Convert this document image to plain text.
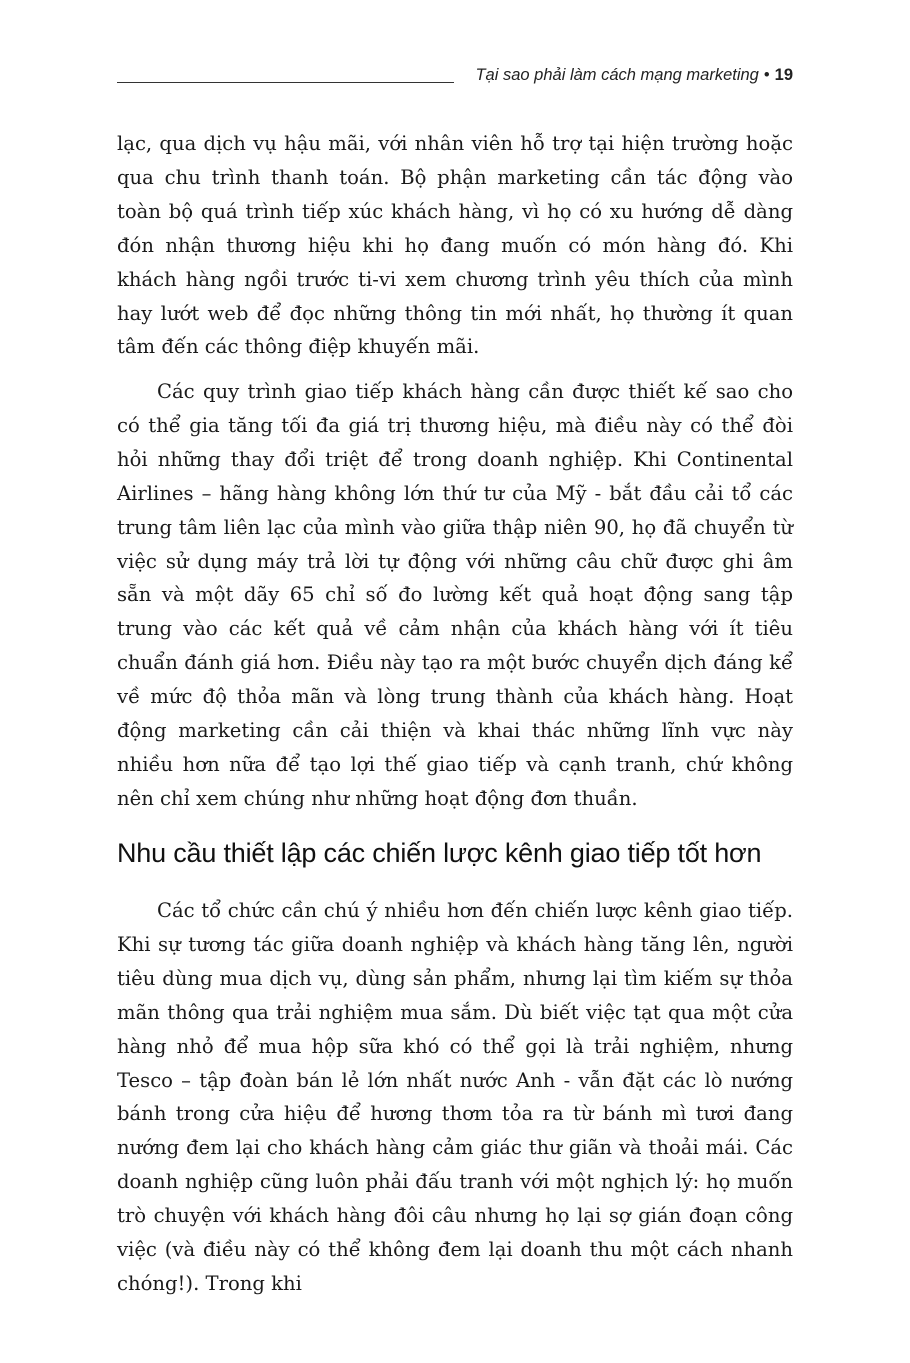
Tại sao phải làm cách mạng marketing • 19

lạc, qua dịch vụ hậu mãi, với nhân viên hỗ trợ tại hiện trường hoặc qua chu trình thanh toán. Bộ phận marketing cần tác động vào toàn bộ quá trình tiếp xúc khách hàng, vì họ có xu hướng dễ dàng đón nhận thương hiệu khi họ đang muốn có món hàng đó. Khi khách hàng ngồi trước ti-vi xem chương trình yêu thích của mình hay lướt web để đọc những thông tin mới nhất, họ thường ít quan tâm đến các thông điệp khuyến mãi.

Các quy trình giao tiếp khách hàng cần được thiết kế sao cho có thể gia tăng tối đa giá trị thương hiệu, mà điều này có thể đòi hỏi những thay đổi triệt để trong doanh nghiệp. Khi Continental Airlines – hãng hàng không lớn thứ tư của Mỹ - bắt đầu cải tổ các trung tâm liên lạc của mình vào giữa thập niên 90, họ đã chuyển từ việc sử dụng máy trả lời tự động với những câu chữ được ghi âm sẵn và một dãy 65 chỉ số đo lường kết quả hoạt động sang tập trung vào các kết quả về cảm nhận của khách hàng với ít tiêu chuẩn đánh giá hơn. Điều này tạo ra một bước chuyển dịch đáng kể về mức độ thỏa mãn và lòng trung thành của khách hàng. Hoạt động marketing cần cải thiện và khai thác những lĩnh vực này nhiều hơn nữa để tạo lợi thế giao tiếp và cạnh tranh, chứ không nên chỉ xem chúng như những hoạt động đơn thuần.

Nhu cầu thiết lập các chiến lược kênh giao tiếp tốt hơn

Các tổ chức cần chú ý nhiều hơn đến chiến lược kênh giao tiếp. Khi sự tương tác giữa doanh nghiệp và khách hàng tăng lên, người tiêu dùng mua dịch vụ, dùng sản phẩm, nhưng lại tìm kiếm sự thỏa mãn thông qua trải nghiệm mua sắm. Dù biết việc tạt qua một cửa hàng nhỏ để mua hộp sữa khó có thể gọi là trải nghiệm, nhưng Tesco – tập đoàn bán lẻ lớn nhất nước Anh - vẫn đặt các lò nướng bánh trong cửa hiệu để hương thơm tỏa ra từ bánh mì tươi đang nướng đem lại cho khách hàng cảm giác thư giãn và thoải mái. Các doanh nghiệp cũng luôn phải đấu tranh với một nghịch lý: họ muốn trò chuyện với khách hàng đôi câu nhưng họ lại sợ gián đoạn công việc (và điều này có thể không đem lại doanh thu một cách nhanh chóng!). Trong khi
